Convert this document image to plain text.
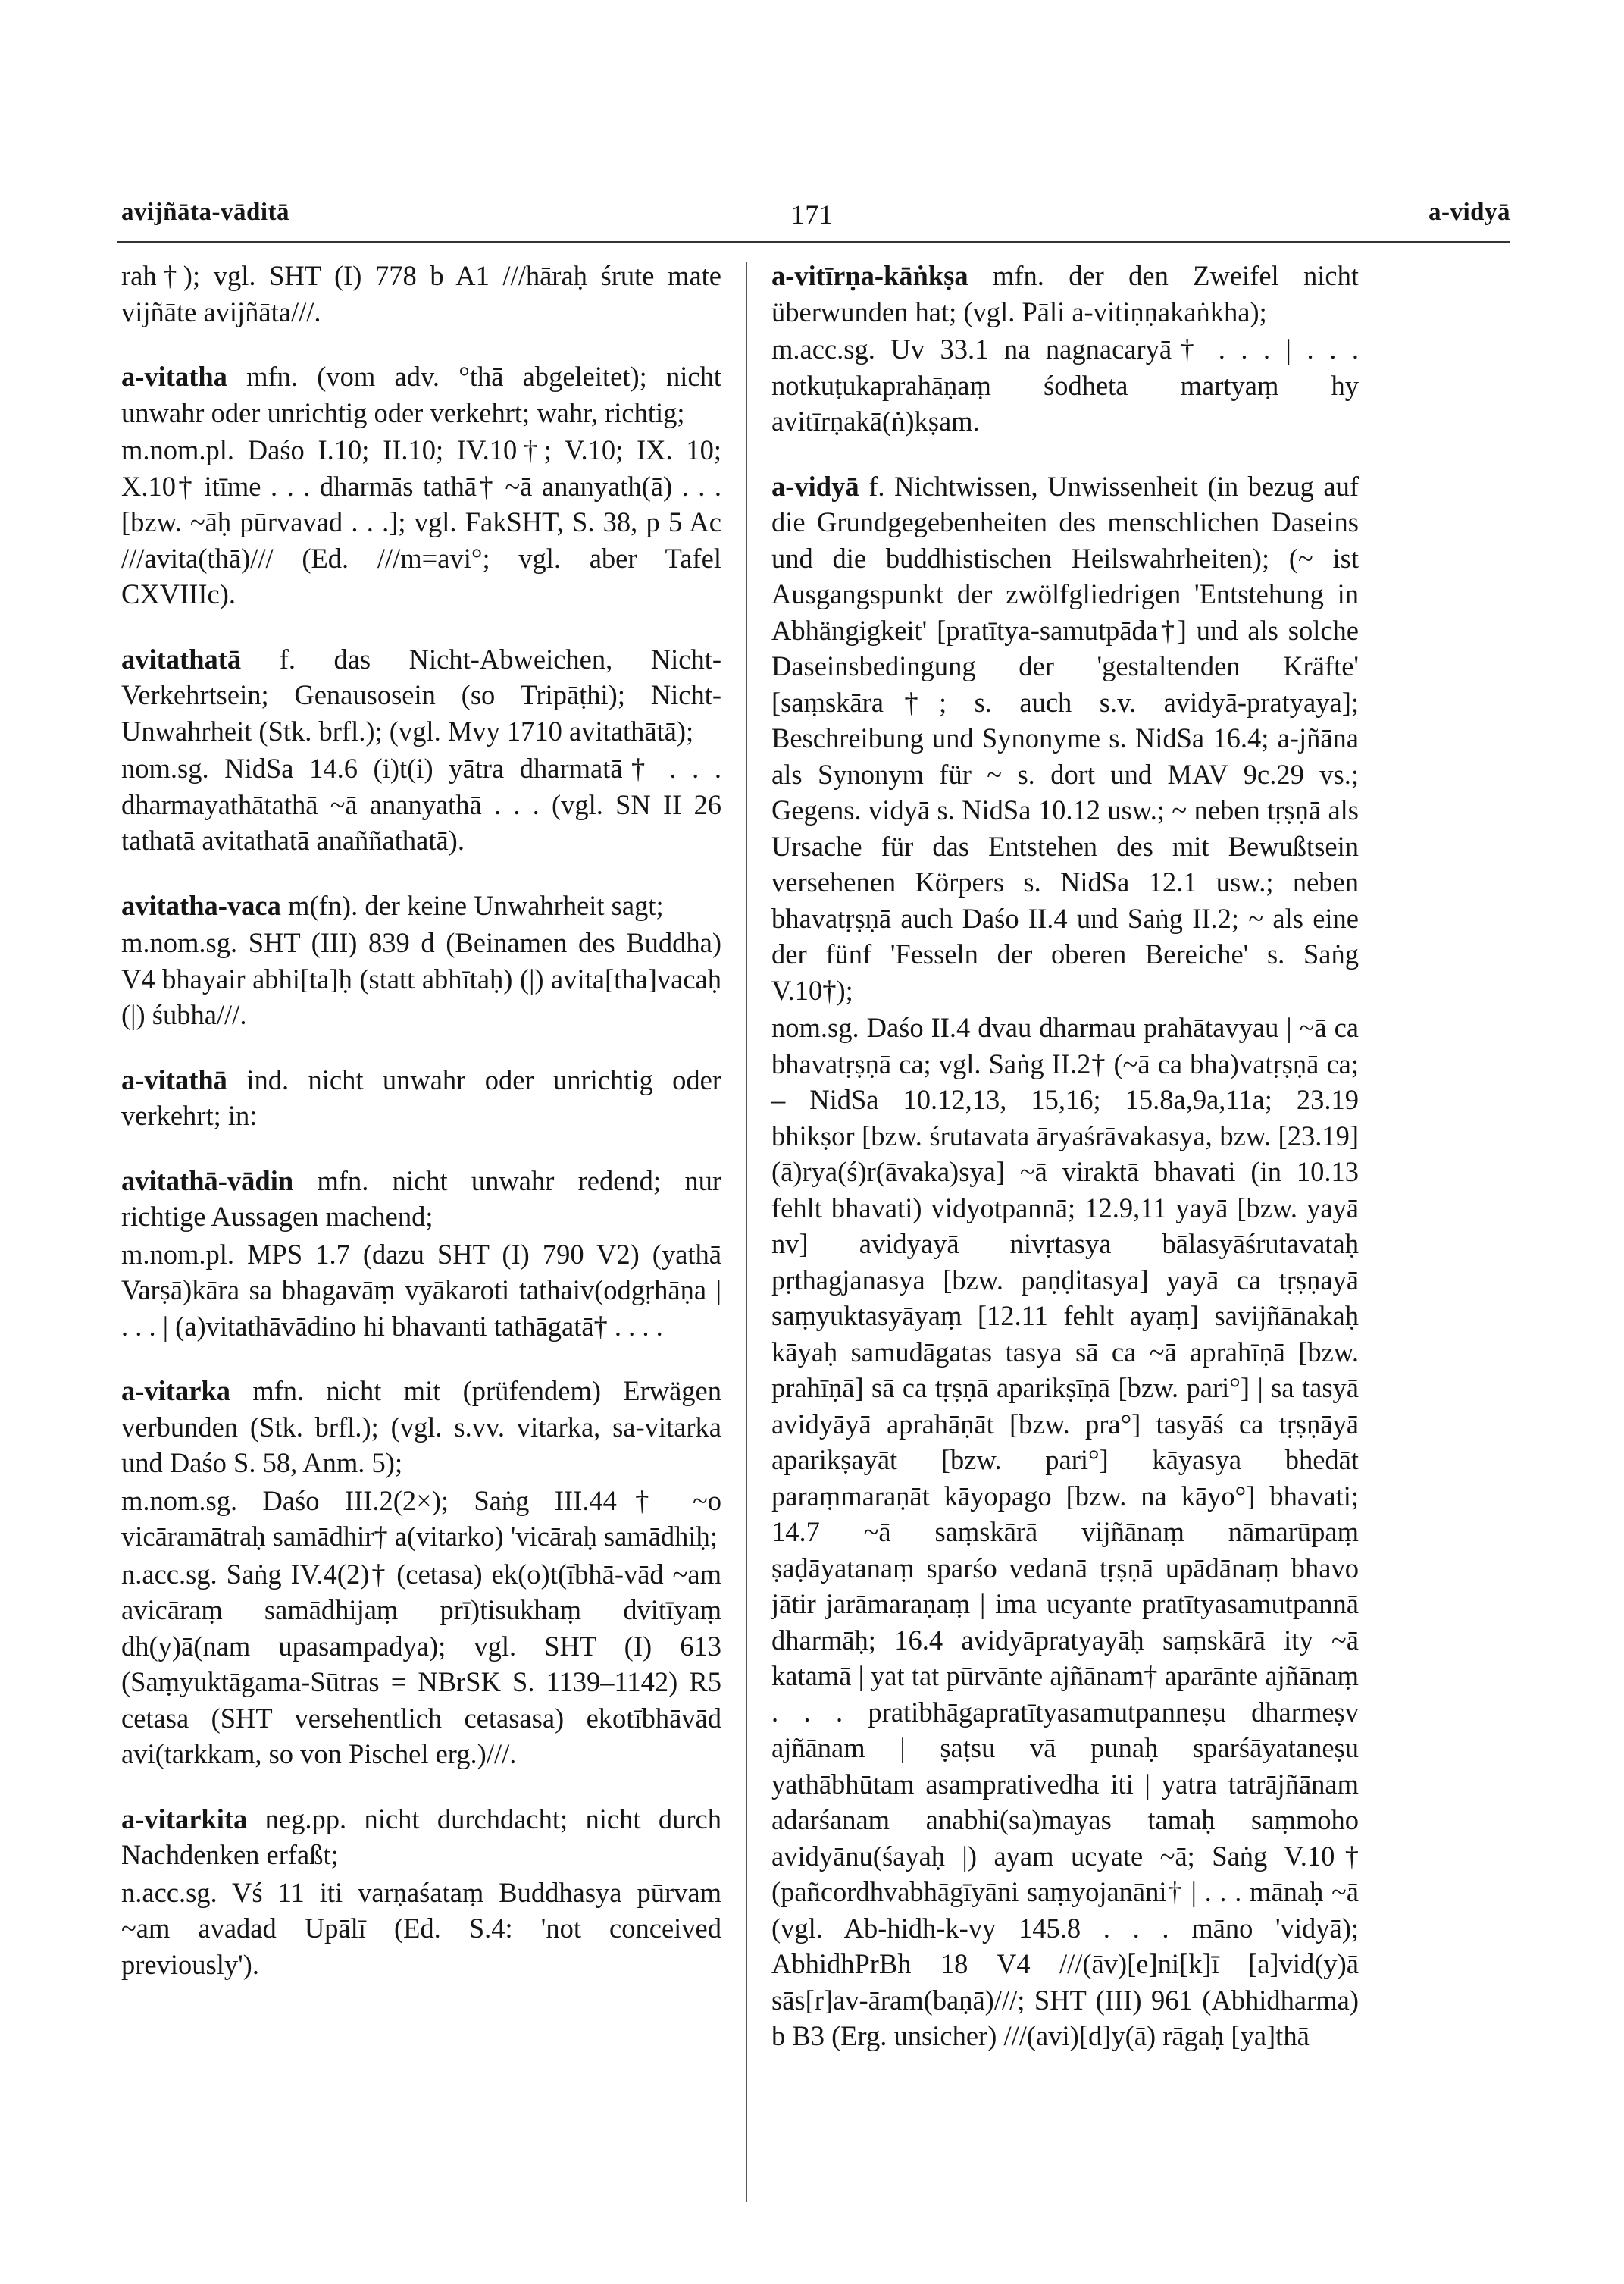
171
avijñāta-vāditā	a-vidyā

rah†); vgl. SHT (I) 778 b A1 ///hāraḥ śrute mate vijñāte avijñāta///.

a-vitatha mfn. (vom adv. °thā abgeleitet); nicht unwahr oder unrichtig oder verkehrt; wahr, richtig;

m.nom.pl. Daśo I.10; II.10; IV.10†; V.10; IX. 10; X.10† itīme . . . dharmās tathā† ~ā ananyath(ā) . . . [bzw. ~āḥ pūrvavad . . .]; vgl. FakSHT, S. 38, p 5 Ac ///avita(thā)/// (Ed. ///m=avi°; vgl. aber Tafel CXVIIIc).

avitathatā f. das Nicht-Abweichen, Nicht-Verkehrtsein; Genausosein (so Tripāṭhi); Nicht-Unwahrheit (Stk. brfl.); (vgl. Mvy 1710 avitathātā);

nom.sg. NidSa 14.6 (i)t(i) yātra dharmatā† . . . dharmayathātathā ~ā ananyathā . . . (vgl. SN II 26 tathatā avitathatā anaññathatā).

avitatha-vaca m(fn). der keine Unwahrheit sagt;

m.nom.sg. SHT (III) 839 d (Beinamen des Buddha) V4 bhayair abhi[ta]ḥ (statt abhītaḥ) (|) avita[tha]vacaḥ (|) śubha///.

a-vitathā ind. nicht unwahr oder unrichtig oder verkehrt; in:

avitathā-vādin mfn. nicht unwahr redend; nur richtige Aussagen machend;

m.nom.pl. MPS 1.7 (dazu SHT (I) 790 V2) (yathā Varṣā)kāra sa bhagavāṃ vyākaroti tathaiv(odgṛhāṇa | . . . | (a)vitathāvādino hi bhavanti tathāgatā† . . . .

a-vitarka mfn. nicht mit (prüfendem) Erwägen verbunden (Stk. brfl.); (vgl. s.vv. vitarka, sa-vitarka und Daśo S. 58, Anm. 5);

m.nom.sg. Daśo III.2(2×); Saṅg III.44† ~o vicāramātraḥ samādhir† a(vitarko) 'vicāraḥ samādhiḥ;

n.acc.sg. Saṅg IV.4(2)† (cetasa) ek(o)t(ībhā-vād ~am avicāraṃ samādhijaṃ prī)tisukhaṃ dvitīyaṃ dh(y)ā(nam upasampadya); vgl. SHT (I) 613 (Saṃyuktāgama-Sūtras = NBrSK S. 1139–1142) R5 cetasa (SHT versehentlich cetasasa) ekotībhāvād avi(tarkkam, so von Pischel erg.)///.

a-vitarkita neg.pp. nicht durchdacht; nicht durch Nachdenken erfaßt;

n.acc.sg. Vś 11 iti varṇaśataṃ Buddhasya pūrvam ~am avadad Upālī (Ed. S.4: 'not conceived previously').

a-vitīrṇa-kāṅkṣa mfn. der den Zweifel nicht überwunden hat; (vgl. Pāli a-vitiṇṇakaṅkha);

m.acc.sg. Uv 33.1 na nagnacaryā† . . . | . . . notkuṭukaprahāṇaṃ śodheta martyaṃ hy avitīrṇakā(ṅ)kṣam.

a-vidyā f. Nichtwissen, Unwissenheit (in bezug auf die Grundgegebenheiten des menschlichen Daseins und die buddhistischen Heilswahrheiten); (~ ist Ausgangspunkt der zwölfgliedrigen 'Entstehung in Abhängigkeit' [pratītya-samutpāda†] und als solche Daseinsbedingung der 'gestaltenden Kräfte' [saṃskāra†; s. auch s.v. avidyā-pratyaya]; Beschreibung und Synonyme s. NidSa 16.4; a-jñāna als Synonym für ~ s. dort und MAV 9c.29 vs.; Gegens. vidyā s. NidSa 10.12 usw.; ~ neben tṛṣṇā als Ursache für das Entstehen des mit Bewußtsein versehenen Körpers s. NidSa 12.1 usw.; neben bhavatṛṣṇā auch Daśo II.4 und Saṅg II.2; ~ als eine der fünf 'Fesseln der oberen Bereiche' s. Saṅg V.10†);

nom.sg. Daśo II.4 dvau dharmau prahātavyau | ~ā ca bhavatṛṣṇā ca; vgl. Saṅg II.2† (~ā ca bha)vatṛṣṇā ca; – NidSa 10.12,13, 15,16; 15.8a,9a,11a; 23.19 bhikṣor [bzw. śrutavata āryaśrāvakasya, bzw. [23.19] (ā)rya(ś)r(āvaka)sya] ~ā viraktā bhavati (in 10.13 fehlt bhavati) vidyotpannā; 12.9,11 yayā [bzw. yayā nv] avidyayā nivṛtasya bālasyāśrutavataḥ pṛthagjanasya [bzw. paṇḍitasya] yayā ca tṛṣṇayā saṃyuktasyāyaṃ [12.11 fehlt ayaṃ] savijñānakaḥ kāyaḥ samudāgatas tasya sā ca ~ā aprahīṇā [bzw. prahīṇā] sā ca tṛṣṇā aparikṣīṇā [bzw. pari°] | sa tasyā avidyāyā aprahāṇāt [bzw. pra°] tasyāś ca tṛṣṇāyā aparikṣayāt [bzw. pari°] kāyasya bhedāt paraṃmaraṇāt kāyopago [bzw. na kāyo°] bhavati; 14.7 ~ā saṃskārā vijñānaṃ nāmarūpaṃ ṣaḍāyatanaṃ sparśo vedanā tṛṣṇā upādānaṃ bhavo jātir jarāmaraṇaṃ | ima ucyante pratītyasamutpannā dharmāḥ; 16.4 avidyāpratyayāḥ saṃskārā ity ~ā katamā | yat tat pūrvānte ajñānam† aparānte ajñānaṃ . . . pratibhāgapratītyasamutpanneṣu dharmeṣv ajñānam | ṣaṭsu vā punaḥ sparśāyataneṣu yathābhūtam asamprativedha iti | yatra tatrājñānam adarśanam anabhi(sa)mayas tamaḥ saṃmoho avidyānu(śayaḥ |) ayam ucyate ~ā; Saṅg V.10† (pañcordhvabhāgīyāni saṃyojanāni† | . . . mānaḥ ~ā (vgl. Ab-hidh-k-vy 145.8 . . . māno 'vidyā); AbhidhPrBh 18 V4 ///(āv)[e]ni[k]ī [a]vid(y)ā sās[r]av-āram(baṇā)///; SHT (III) 961 (Abhidharma) b B3 (Erg. unsicher) ///(avi)[d]y(ā) rāgaḥ [ya]thā
